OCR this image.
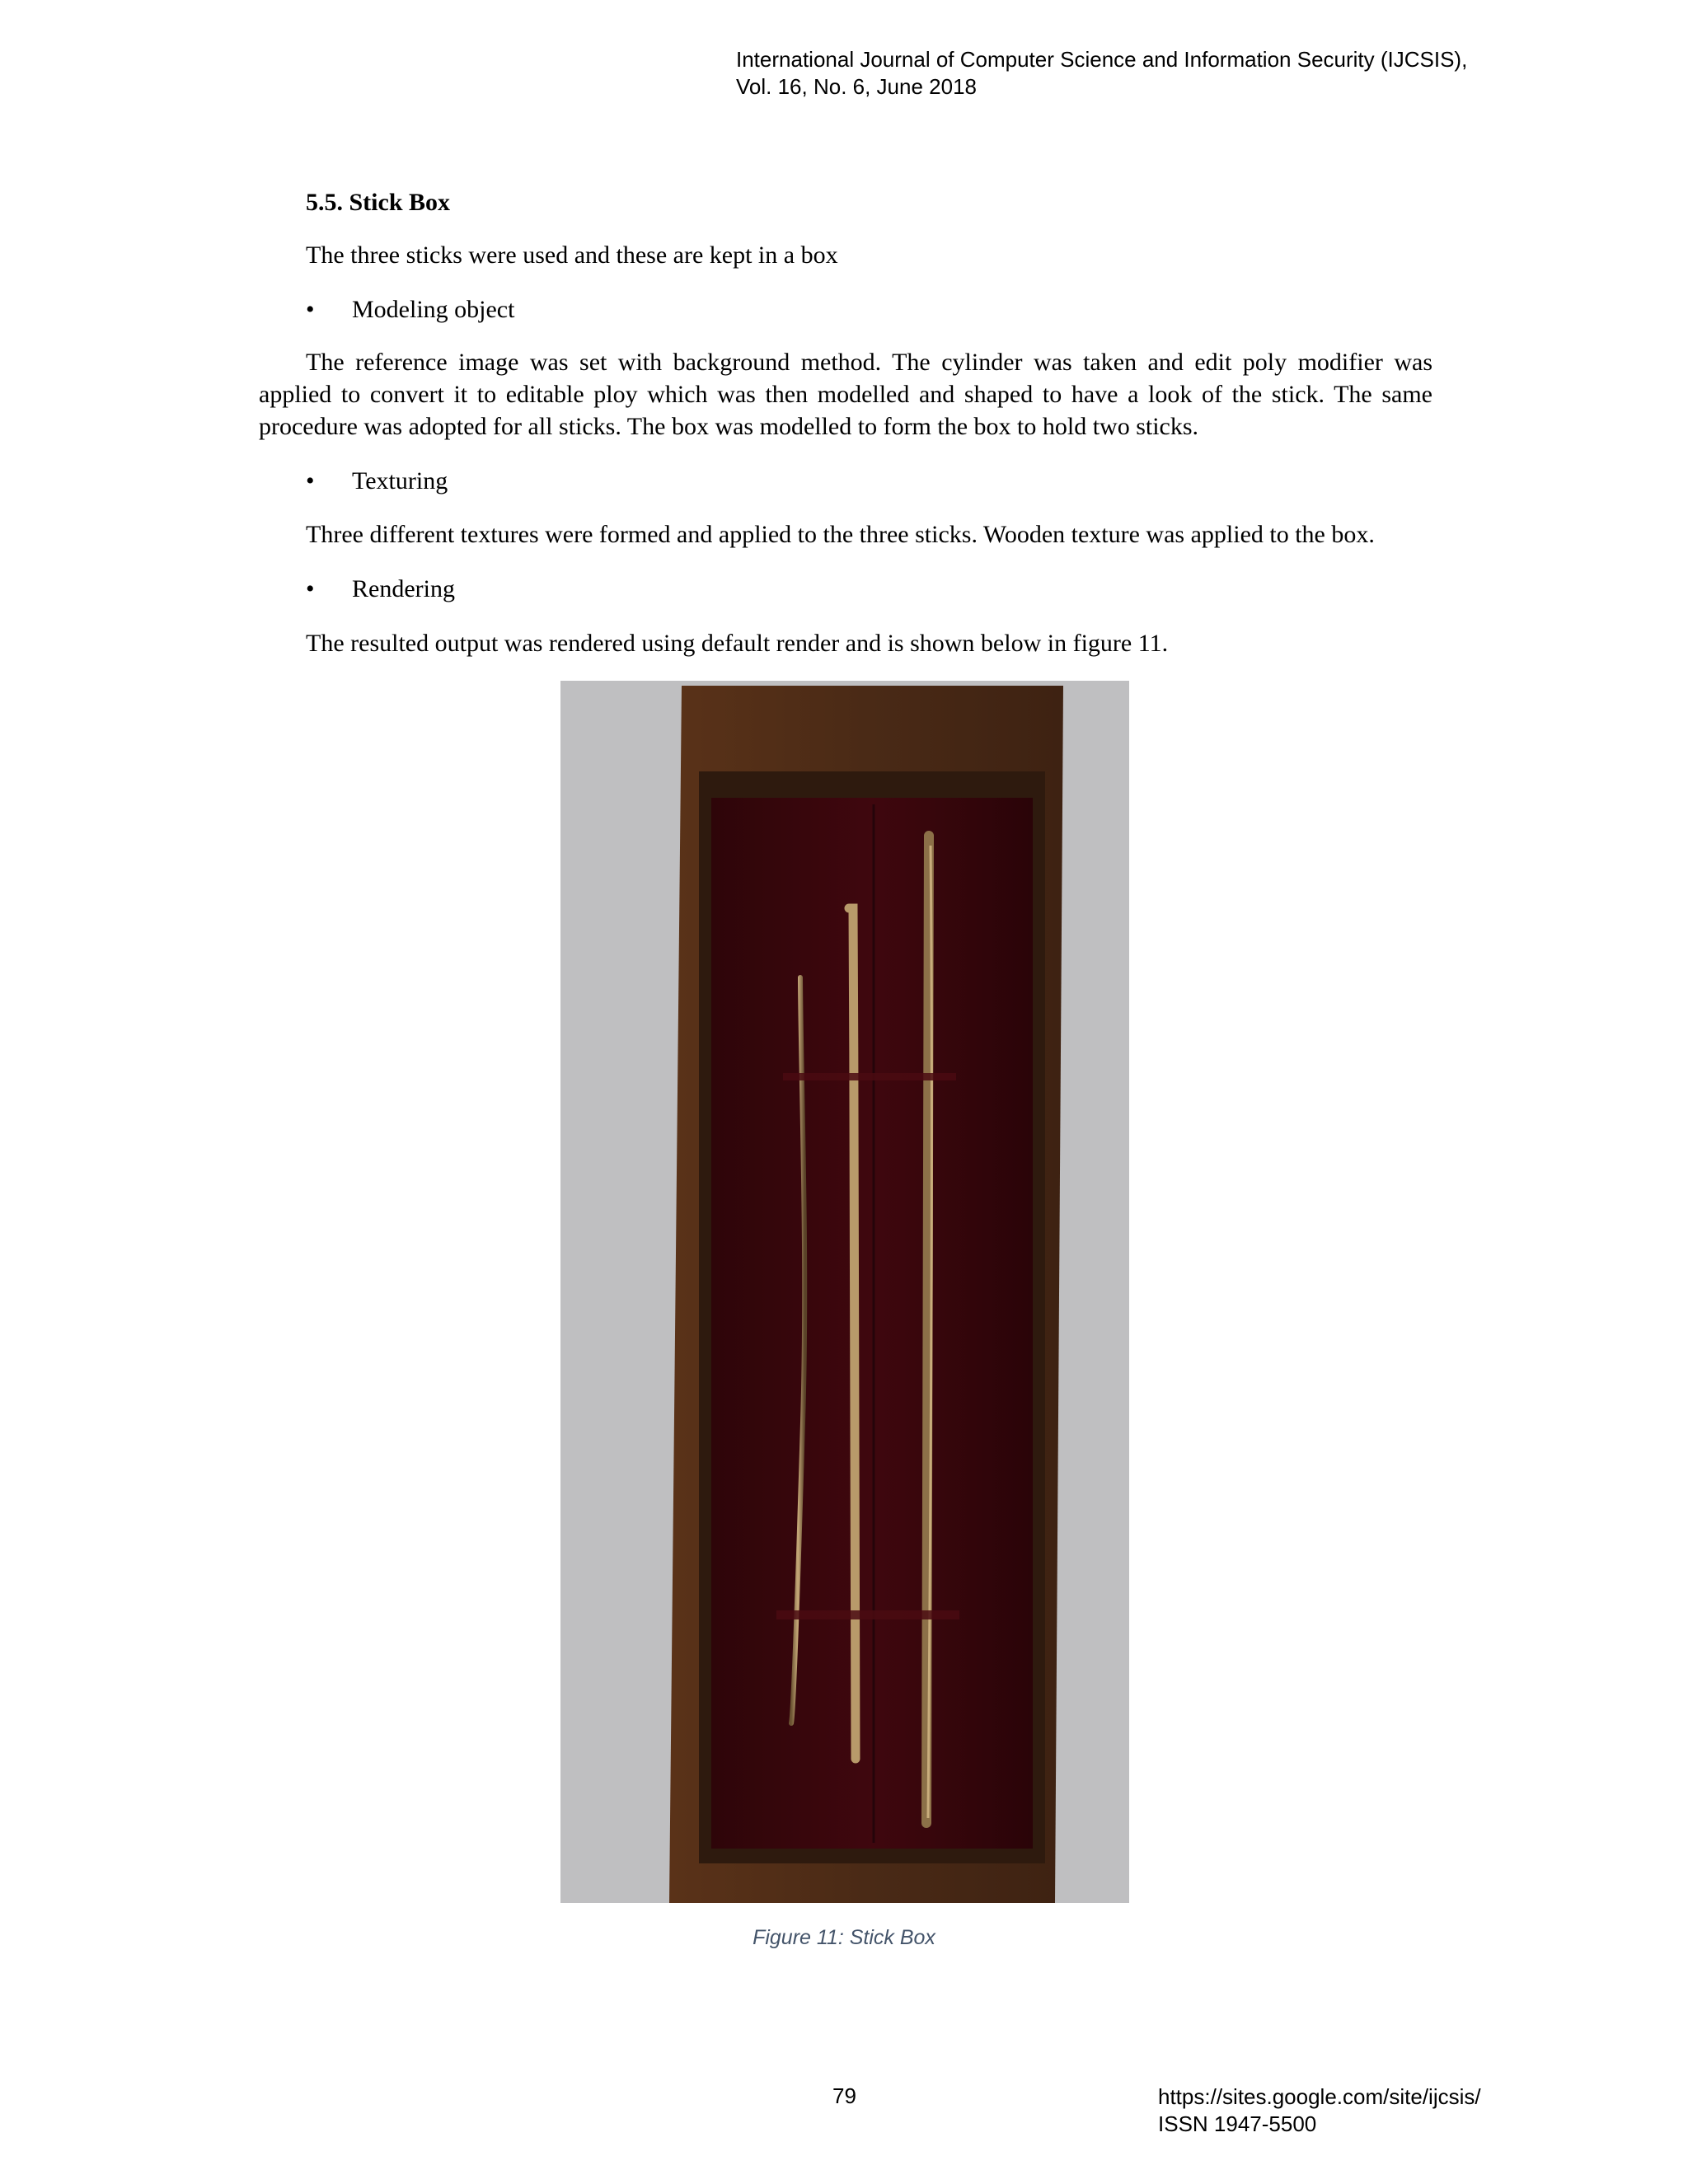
International Journal of Computer Science and Information Security (IJCSIS),
Vol. 16, No. 6, June 2018
5.5. Stick Box
The three sticks were used and these are kept in a box
• Modeling object
The reference image was set with background method. The cylinder was taken and edit poly modifier was applied to convert it to editable ploy which was then modelled and shaped to have a look of the stick. The same procedure was adopted for all sticks. The box was modelled to form the box to hold two sticks.
• Texturing
Three different textures were formed and applied to the three sticks. Wooden texture was applied to the box.
• Rendering
The resulted output was rendered using default render and is shown below in figure 11.
Figure 11: Stick Box
79	https://sites.google.com/site/ijcsis/
ISSN 1947-5500
